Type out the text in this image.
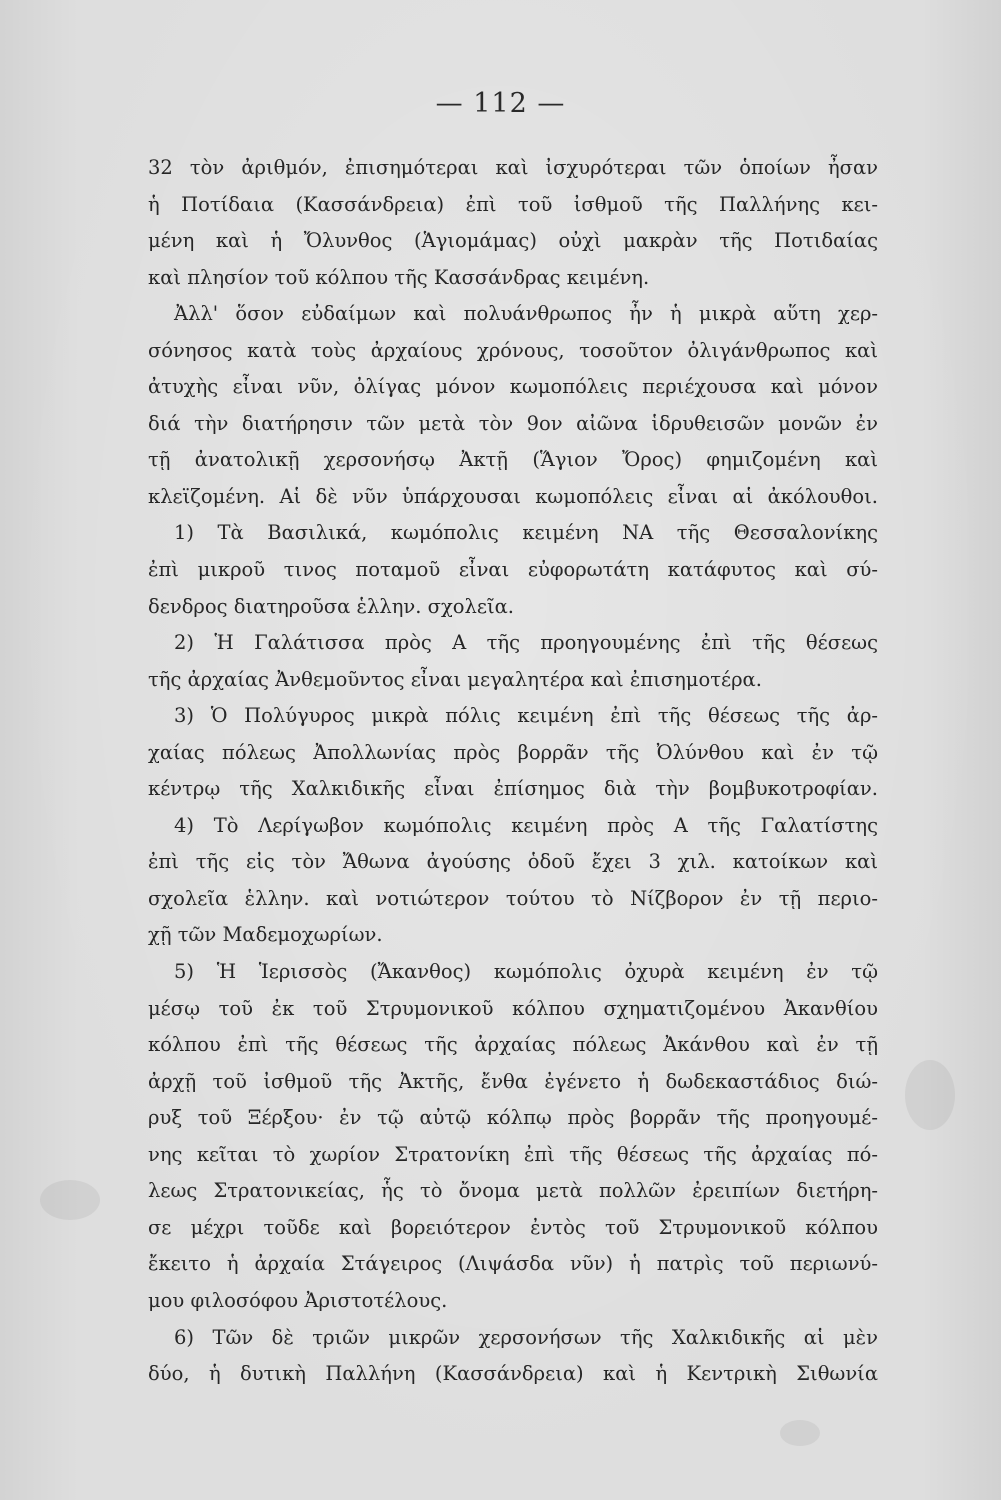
— 112 —
32 τὸν ἀριθμόν, ἐπισημότεραι καὶ ἰσχυρότεραι τῶν ὁποίων ἦσαν
ἡ Ποτίδαια (Κασσάνδρεια) ἐπὶ τοῦ ἰσθμοῦ τῆς Παλλήνης κει-
μένη καὶ ἡ Ὄλυνθος (Ἁγιομάμας) οὐχὶ μακρὰν τῆς Ποτιδαίας
καὶ πλησίον τοῦ κόλπου τῆς Κασσάνδρας κειμένη.
Ἀλλ' ὅσον εὐδαίμων καὶ πολυάνθρωπος ἦν ἡ μικρὰ αὕτη χερ-
σόνησος κατὰ τοὺς ἀρχαίους χρόνους, τοσοῦτον ὀλιγάνθρωπος καὶ
ἀτυχὴς εἶναι νῦν, ὀλίγας μόνον κωμοπόλεις περιέχουσα καὶ μόνον
διά τὴν διατήρησιν τῶν μετὰ τὸν 9ον αἰῶνα ἱδρυθεισῶν μονῶν ἐν
τῇ ἀνατολικῇ χερσονήσῳ Ἀκτῇ (Ἅγιον Ὄρος) φημιζομένη καὶ
κλεϊζομένη. Αἱ δὲ νῦν ὑπάρχουσαι κωμοπόλεις εἶναι αἱ ἀκόλουθοι.
1) Τὰ Βασιλικά, κωμόπολις κειμένη ΝΑ τῆς Θεσσαλονίκης
ἐπὶ μικροῦ τινος ποταμοῦ εἶναι εὐφορωτάτη κατάφυτος καὶ σύ-
δενδρος διατηροῦσα ἑλλην. σχολεῖα.
2) Ἡ Γαλάτισσα πρὸς Α τῆς προηγουμένης ἐπὶ τῆς θέσεως
τῆς ἀρχαίας Ἀνθεμοῦντος εἶναι μεγαλητέρα καὶ ἐπισημοτέρα.
3) Ὁ Πολύγυρος μικρὰ πόλις κειμένη ἐπὶ τῆς θέσεως τῆς ἀρ-
χαίας πόλεως Ἀπολλωνίας πρὸς βορρᾶν τῆς Ὀλύνθου καὶ ἐν τῷ
κέντρῳ τῆς Χαλκιδικῆς εἶναι ἐπίσημος διὰ τὴν βομβυκοτροφίαν.
4) Τὸ Λερίγωβον κωμόπολις κειμένη πρὸς Α τῆς Γαλατίστης
ἐπὶ τῆς εἰς τὸν Ἄθωνα ἀγούσης ὁδοῦ ἔχει 3 χιλ. κατοίκων καὶ
σχολεῖα ἑλλην. καὶ νοτιώτερον τούτου τὸ Νίζβορον ἐν τῇ περιο-
χῇ τῶν Μαδεμοχωρίων.
5) Ἡ Ἱερισσὸς (Ἄκανθος) κωμόπολις ὀχυρὰ κειμένη ἐν τῷ
μέσῳ τοῦ ἐκ τοῦ Στρυμονικοῦ κόλπου σχηματιζομένου Ἀκανθίου
κόλπου ἐπὶ τῆς θέσεως τῆς ἀρχαίας πόλεως Ἀκάνθου καὶ ἐν τῇ
ἀρχῇ τοῦ ἰσθμοῦ τῆς Ἀκτῆς, ἔνθα ἐγένετο ἡ δωδεκαστάδιος διώ-
ρυξ τοῦ Ξέρξου· ἐν τῷ αὐτῷ κόλπῳ πρὸς βορρᾶν τῆς προηγουμέ-
νης κεῖται τὸ χωρίον Στρατονίκη ἐπὶ τῆς θέσεως τῆς ἀρχαίας πό-
λεως Στρατονικείας, ἧς τὸ ὄνομα μετὰ πολλῶν ἐρειπίων διετήρη-
σε μέχρι τοῦδε καὶ βορειότερον ἐντὸς τοῦ Στρυμονικοῦ κόλπου
ἔκειτο ἡ ἀρχαία Στάγειρος (Λιψάσδα νῦν) ἡ πατρὶς τοῦ περιωνύ-
μου φιλοσόφου Ἀριστοτέλους.
6) Τῶν δὲ τριῶν μικρῶν χερσονήσων τῆς Χαλκιδικῆς αἱ μὲν
δύο, ἡ δυτικὴ Παλλήνη (Κασσάνδρεια) καὶ ἡ Κεντρικὴ Σιθωνία
